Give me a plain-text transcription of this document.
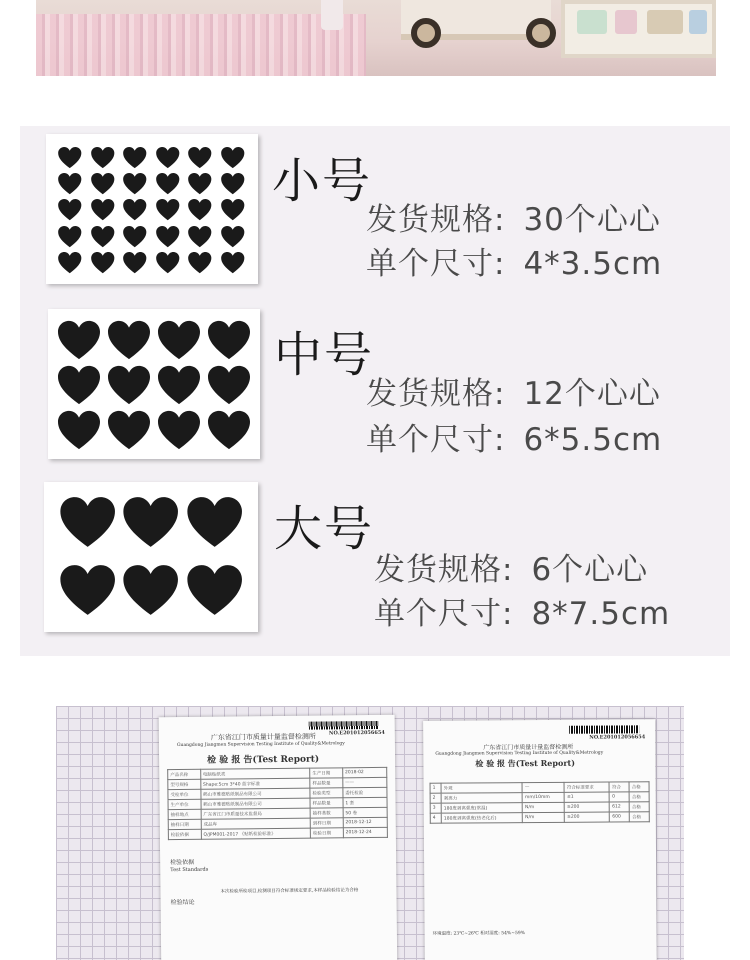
小号
发货规格: 30个心心
单个尺寸: 4*3.5cm
中号
发货规格: 12个心心
单个尺寸: 6*5.5cm
大号
发货规格: 6个心心
单个尺寸: 8*7.5cm
NO.E201012056654
广东省江门市质量计量监督检测所
Guangdong Jiangmen Supervision Testing Institute of Quality&Metrology
检 验 报 告(Test Report)
产品名称	电脑贴纸类	生产日期	2018-02
型号规格	Shape:5cm 3*40 蓝字标准	样品数量	——
受检单位	鹤山市雅德贴纸制品有限公司	检验类型	委托检验
生产单位	鹤山市雅德贴纸制品有限公司	样品数量	1 套
抽样地点	广东省江门市质量技术监督局	抽样基数	50 卷
抽样日期	成品库	到样日期	2018-12-12
检验依据	Q/JPM001-2017 《贴纸检验标准》	检验日期	2018-12-24
检验依据
Test Standards
检验结论
本次检验所检项目,检测项目符合标准规定要求,本样品检验结论为合格
NO.E201012056654
广东省江门市质量计量监督检测所
Guangdong Jiangmen Supervision Testing Institute of Quality&Metrology
检 验 报 告(Test Report)
1	外观	—	符合标准要求	符合	合格
2	剥离力	mm/10mm	≤1	0	合格
3	180度剥离强度(常温)	N/m	≥200	612	合格
4	180度剥离强度(热老化后)	N/m	≥200	600	合格
环境温度: 23℃~26℃ 相对湿度: 54%~59%
